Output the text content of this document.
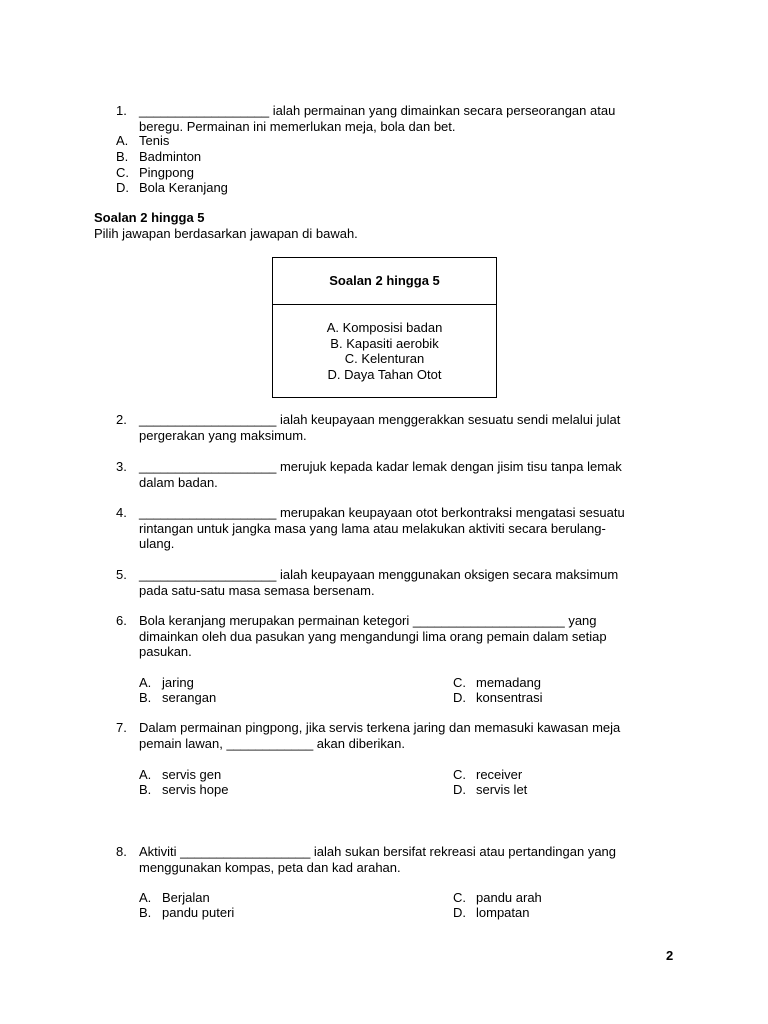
1. __________________ ialah permainan yang dimainkan secara perseorangan atau
beregu. Permainan ini memerlukan meja, bola dan bet.
A. Tenis
B. Badminton
C. Pingpong
D. Bola Keranjang
Soalan 2 hingga 5
Pilih jawapan berdasarkan jawapan di bawah.
Soalan 2 hingga 5
A. Komposisi badan
B. Kapasiti aerobik
C. Kelenturan
D. Daya Tahan Otot
2. ___________________ ialah keupayaan menggerakkan sesuatu sendi melalui julat
pergerakan yang maksimum.
3. ___________________ merujuk kepada kadar lemak dengan jisim tisu tanpa lemak
dalam badan.
4. ___________________ merupakan keupayaan otot berkontraksi mengatasi sesuatu
rintangan untuk jangka masa yang lama atau melakukan aktiviti secara berulang-
ulang.
5. ___________________ ialah keupayaan menggunakan oksigen secara maksimum
pada satu-satu masa semasa bersenam.
6. Bola keranjang merupakan permainan ketegori _____________________ yang
dimainkan oleh dua pasukan yang mengandungi lima orang pemain dalam setiap
pasukan.
A. jaring
B. serangan
C. memadang
D. konsentrasi
7. Dalam permainan pingpong, jika servis terkena jaring dan memasuki kawasan meja
pemain lawan, ____________ akan diberikan.
A. servis gen
B. servis hope
C. receiver
D. servis let
8. Aktiviti __________________ ialah sukan bersifat rekreasi atau pertandingan yang
menggunakan kompas, peta dan kad arahan.
A. Berjalan
B. pandu puteri
C. pandu arah
D. lompatan
2
